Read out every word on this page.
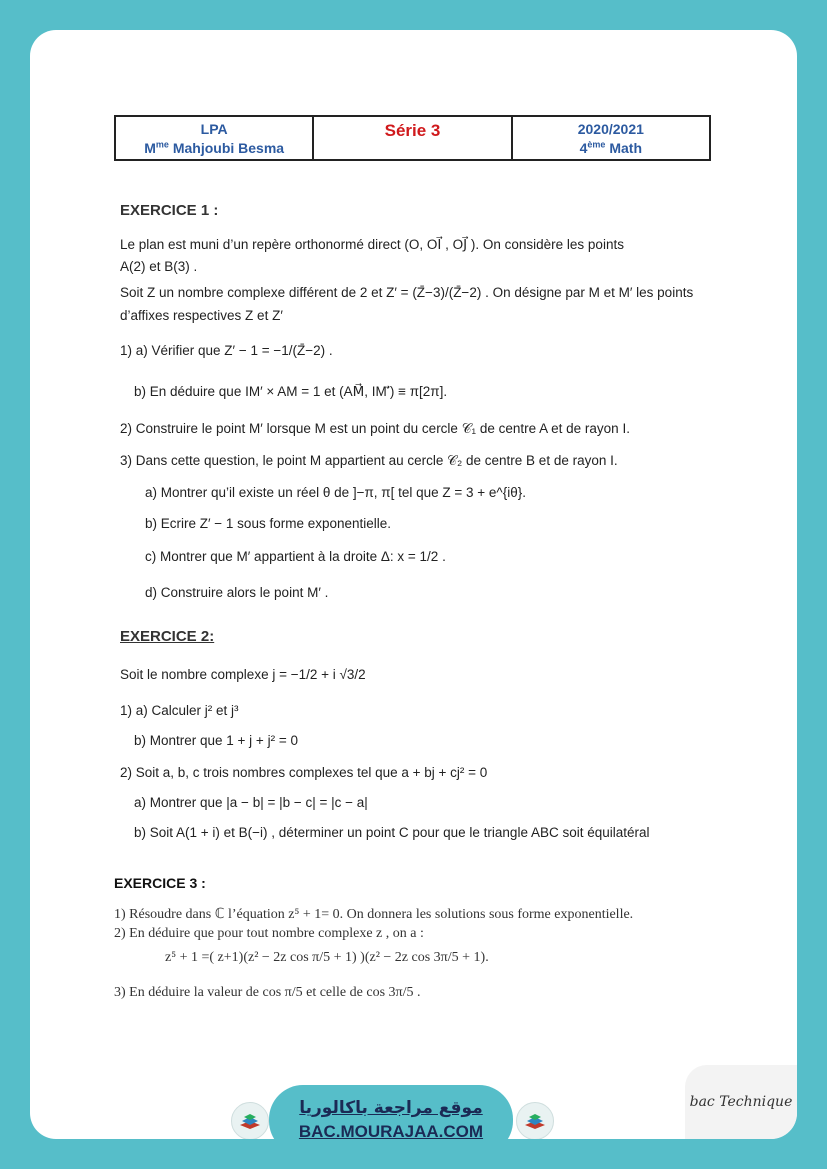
LPA
$M^{me}$ Mahjoubi Besma
Série 3	2020/2021
4ème Math
EXERCICE 1 :
Le plan est muni d’un repère orthonormé direct (O, OI⃗ , OJ⃗ ). On considère les points
A(2) et B(3) .
Soit Z un nombre complexe différent de 2 et Z′ = (Z̄−3)/(Z̄−2) . On désigne par M et M′ les points
d’affixes respectives Z et Z′
1) a) Vérifier que Z′ − 1 = −1/(Z̄−2) .
b) En déduire que IM′ × AM = 1 et (AM⃗, IM′⃗) ≡ π[2π].
2) Construire le point M′ lorsque M est un point du cercle 𝒞₁ de centre A et de rayon I.
3) Dans cette question, le point M appartient au cercle 𝒞₂ de centre B et de rayon I.
a) Montrer qu’il existe un réel θ de ]−π, π[ tel que Z = 3 + e^{iθ}.
b) Ecrire Z′ − 1 sous forme exponentielle.
c) Montrer que M′ appartient à la droite Δ: x = 1/2 .
d) Construire alors le point M′ .
EXERCICE 2:
Soit le nombre complexe j = −1/2 + i √3/2
1) a) Calculer j² et j³
b) Montrer que 1 + j + j² = 0
2) Soit a, b, c trois nombres complexes tel que a + bj + cj² = 0
a) Montrer que |a − b| = |b − c| = |c − a|
b) Soit A(1 + i) et B(−i) , déterminer un point C pour que le triangle ABC soit équilatéral
EXERCICE 3 :
1) Résoudre dans ℂ l’équation z⁵ + 1= 0. On donnera les solutions sous forme exponentielle.
2) En déduire que pour tout nombre complexe z , on a :
z⁵ + 1 =( z+1)(z² − 2z cos π/5 + 1) )(z² − 2z cos 3π/5 + 1).
3) En déduire la valeur de cos π/5 et celle de cos 3π/5 .
موقع مراجعة باكالوريا
BAC.MOURAJAA.COM
bac Technique
